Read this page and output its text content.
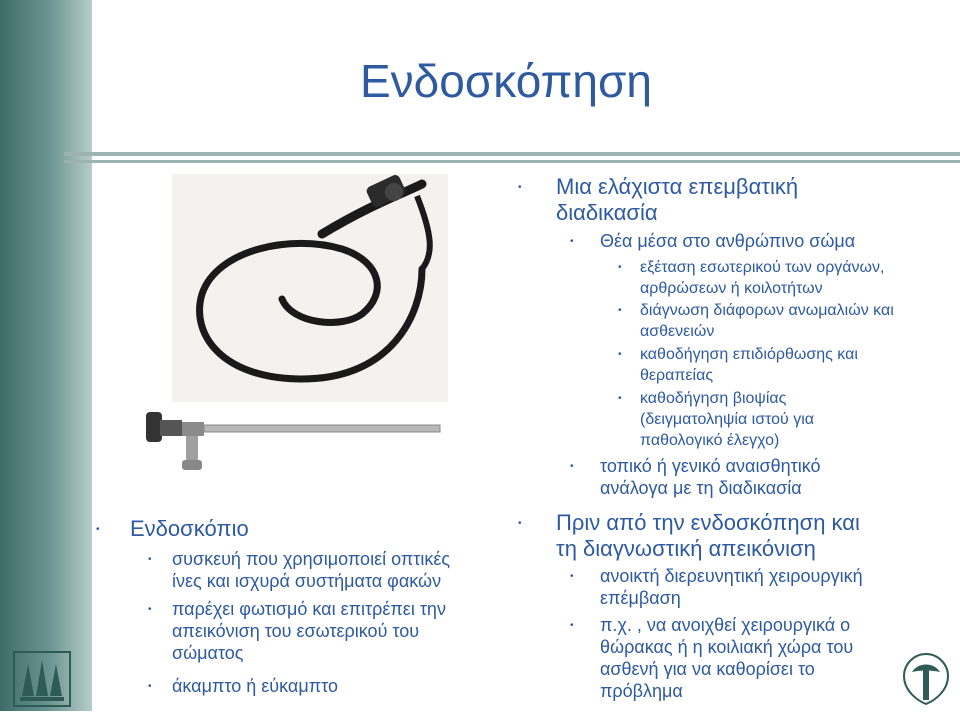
Ενδοσκόπηση
• Μια ελάχιστα επεμβατική
διαδικασία
• Θέα μέσα στο ανθρώπινο σώμα
• εξέταση εσωτερικού των οργάνων,
αρθρώσεων ή κοιλοτήτων
• διάγνωση διάφορων ανωμαλιών και
ασθενειών
• καθοδήγηση επιδιόρθωσης και
θεραπείας
• καθοδήγηση βιοψίας
(δειγματοληψία ιστού για
παθολογικό έλεγχο)
• τοπικό ή γενικό αναισθητικό
ανάλογα με τη διαδικασία
• Πριν από την ενδοσκόπηση και
τη διαγνωστική απεικόνιση
• ανοικτή διερευνητική χειρουργική
επέμβαση
• π.χ. , να ανοιχθεί χειρουργικά ο
θώρακας ή η κοιλιακή χώρα του
ασθενή για να καθορίσει το
πρόβλημα
• Ενδοσκόπιο
• συσκευή που χρησιμοποιεί οπτικές
ίνες και ισχυρά συστήματα φακών
• παρέχει φωτισμό και επιτρέπει την
απεικόνιση του εσωτερικού του
σώματος
• άκαμπτο ή εύκαμπτο
